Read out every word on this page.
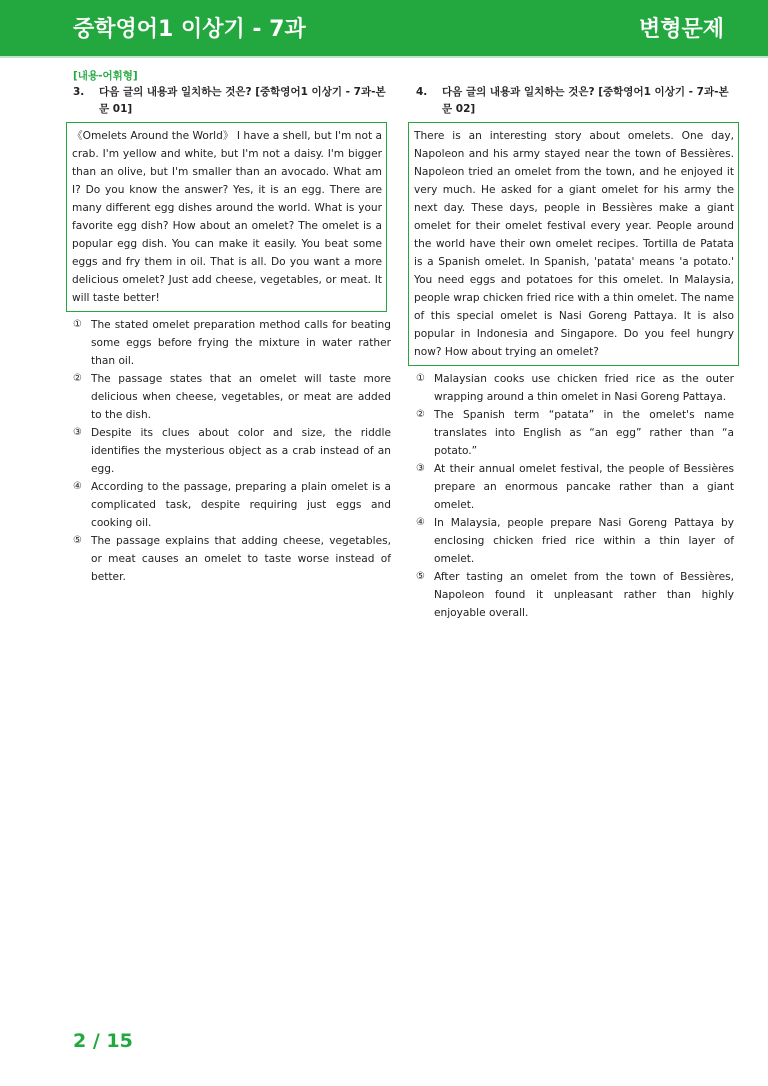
중학영어1 이상기 - 7과	변형문제
[내용-어휘형]
3.	다음 글의 내용과 일치하는 것은? [중학영어1 이상기 - 7과-본문 01]
《Omelets Around the World》 I have a shell, but I'm not a crab. I'm yellow and white, but I'm not a daisy. I'm bigger than an olive, but I'm smaller than an avocado. What am I? Do you know the answer? Yes, it is an egg. There are many different egg dishes around the world. What is your favorite egg dish? How about an omelet? The omelet is a popular egg dish. You can make it easily. You beat some eggs and fry them in oil. That is all. Do you want a more delicious omelet? Just add cheese, vegetables, or meat. It will taste better!
① The stated omelet preparation method calls for beating some eggs before frying the mixture in water rather than oil.
② The passage states that an omelet will taste more delicious when cheese, vegetables, or meat are added to the dish.
③ Despite its clues about color and size, the riddle identifies the mysterious object as a crab instead of an egg.
④ According to the passage, preparing a plain omelet is a complicated task, despite requiring just eggs and cooking oil.
⑤ The passage explains that adding cheese, vegetables, or meat causes an omelet to taste worse instead of better.
4.	다음 글의 내용과 일치하는 것은? [중학영어1 이상기 - 7과-본문 02]
There is an interesting story about omelets. One day, Napoleon and his army stayed near the town of Bessières. Napoleon tried an omelet from the town, and he enjoyed it very much. He asked for a giant omelet for his army the next day. These days, people in Bessières make a giant omelet for their omelet festival every year. People around the world have their own omelet recipes. Tortilla de Patata is a Spanish omelet. In Spanish, 'patata' means 'a potato.' You need eggs and potatoes for this omelet. In Malaysia, people wrap chicken fried rice with a thin omelet. The name of this special omelet is Nasi Goreng Pattaya. It is also popular in Indonesia and Singapore. Do you feel hungry now? How about trying an omelet?
① Malaysian cooks use chicken fried rice as the outer wrapping around a thin omelet in Nasi Goreng Pattaya.
② The Spanish term “patata” in the omelet's name translates into English as “an egg” rather than “a potato.”
③ At their annual omelet festival, the people of Bessières prepare an enormous pancake rather than a giant omelet.
④ In Malaysia, people prepare Nasi Goreng Pattaya by enclosing chicken fried rice within a thin layer of omelet.
⑤ After tasting an omelet from the town of Bessières, Napoleon found it unpleasant rather than highly enjoyable overall.
2 / 15
